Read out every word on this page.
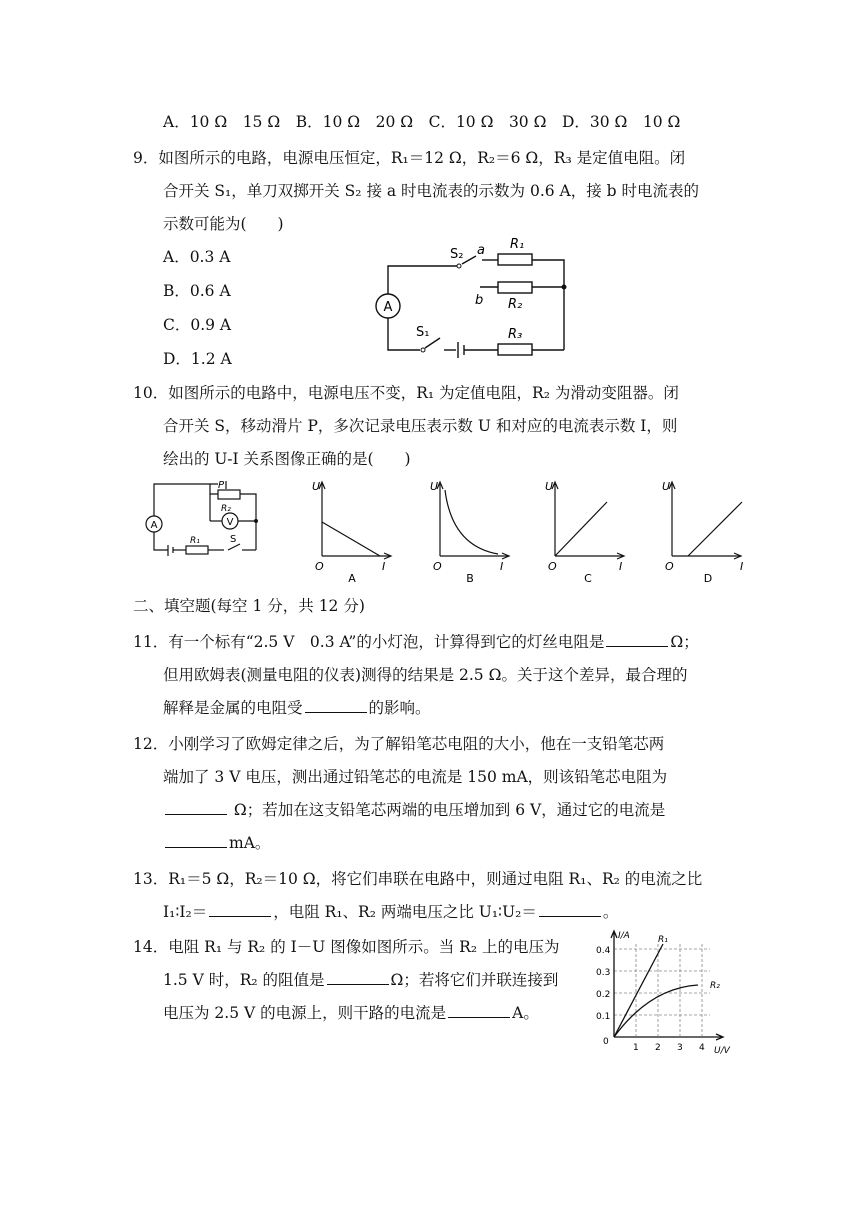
A．10 Ω　15 Ω　B．10 Ω　20 Ω　C．10 Ω　30 Ω　D．30 Ω　10 Ω
9．如图所示的电路，电源电压恒定，R₁＝12 Ω，R₂＝6 Ω，R₃ 是定值电阻。闭
合开关 S₁，单刀双掷开关 S₂ 接 a 时电流表的示数为 0.6 A，接 b 时电流表的
示数可能为(　　)
A．0.3 A
B．0.6 A
C．0.9 A
D．1.2 A
A
S₂ a R₁
b R₂
S₁	R₃
10．如图所示的电路中，电源电压不变，R₁ 为定值电阻，R₂ 为滑动变阻器。闭
合开关 S，移动滑片 P，多次记录电压表示数 U 和对应的电流表示数 I，则
绘出的 U-I 关系图像正确的是(　　)
A	V
P
R₂
R₁	S
U
O	I
A
U
O	I
B
U
O	I
C
U
O	I
D
二、填空题(每空 1 分，共 12 分)
11．有一个标有“2.5 V　0.3 A”的小灯泡，计算得到它的灯丝电阻是	Ω；
但用欧姆表(测量电阻的仪表)测得的结果是 2.5 Ω。关于这个差异，最合理的
解释是金属的电阻受	的影响。
12．小刚学习了欧姆定律之后，为了解铅笔芯电阻的大小，他在一支铅笔芯两
端加了 3 V 电压，测出通过铅笔芯的电流是 150 mA，则该铅笔芯电阻为
Ω；若加在这支铅笔芯两端的电压增加到 6 V，通过它的电流是
mA。
13．R₁＝5 Ω，R₂＝10 Ω，将它们串联在电路中，则通过电阻 R₁、R₂ 的电流之比
I₁∶I₂＝	，电阻 R₁、R₂ 两端电压之比 U₁∶U₂＝	。
14．电阻 R₁ 与 R₂ 的 I－U 图像如图所示。当 R₂ 上的电压为
1.5 V 时，R₂ 的阻值是	Ω；若将它们并联连接到
电压为 2.5 V 的电源上，则干路的电流是	A。
I/A	R₁
R₂
0.4
0.3
0.2
0.1
0
1 2 3 4 U/V
